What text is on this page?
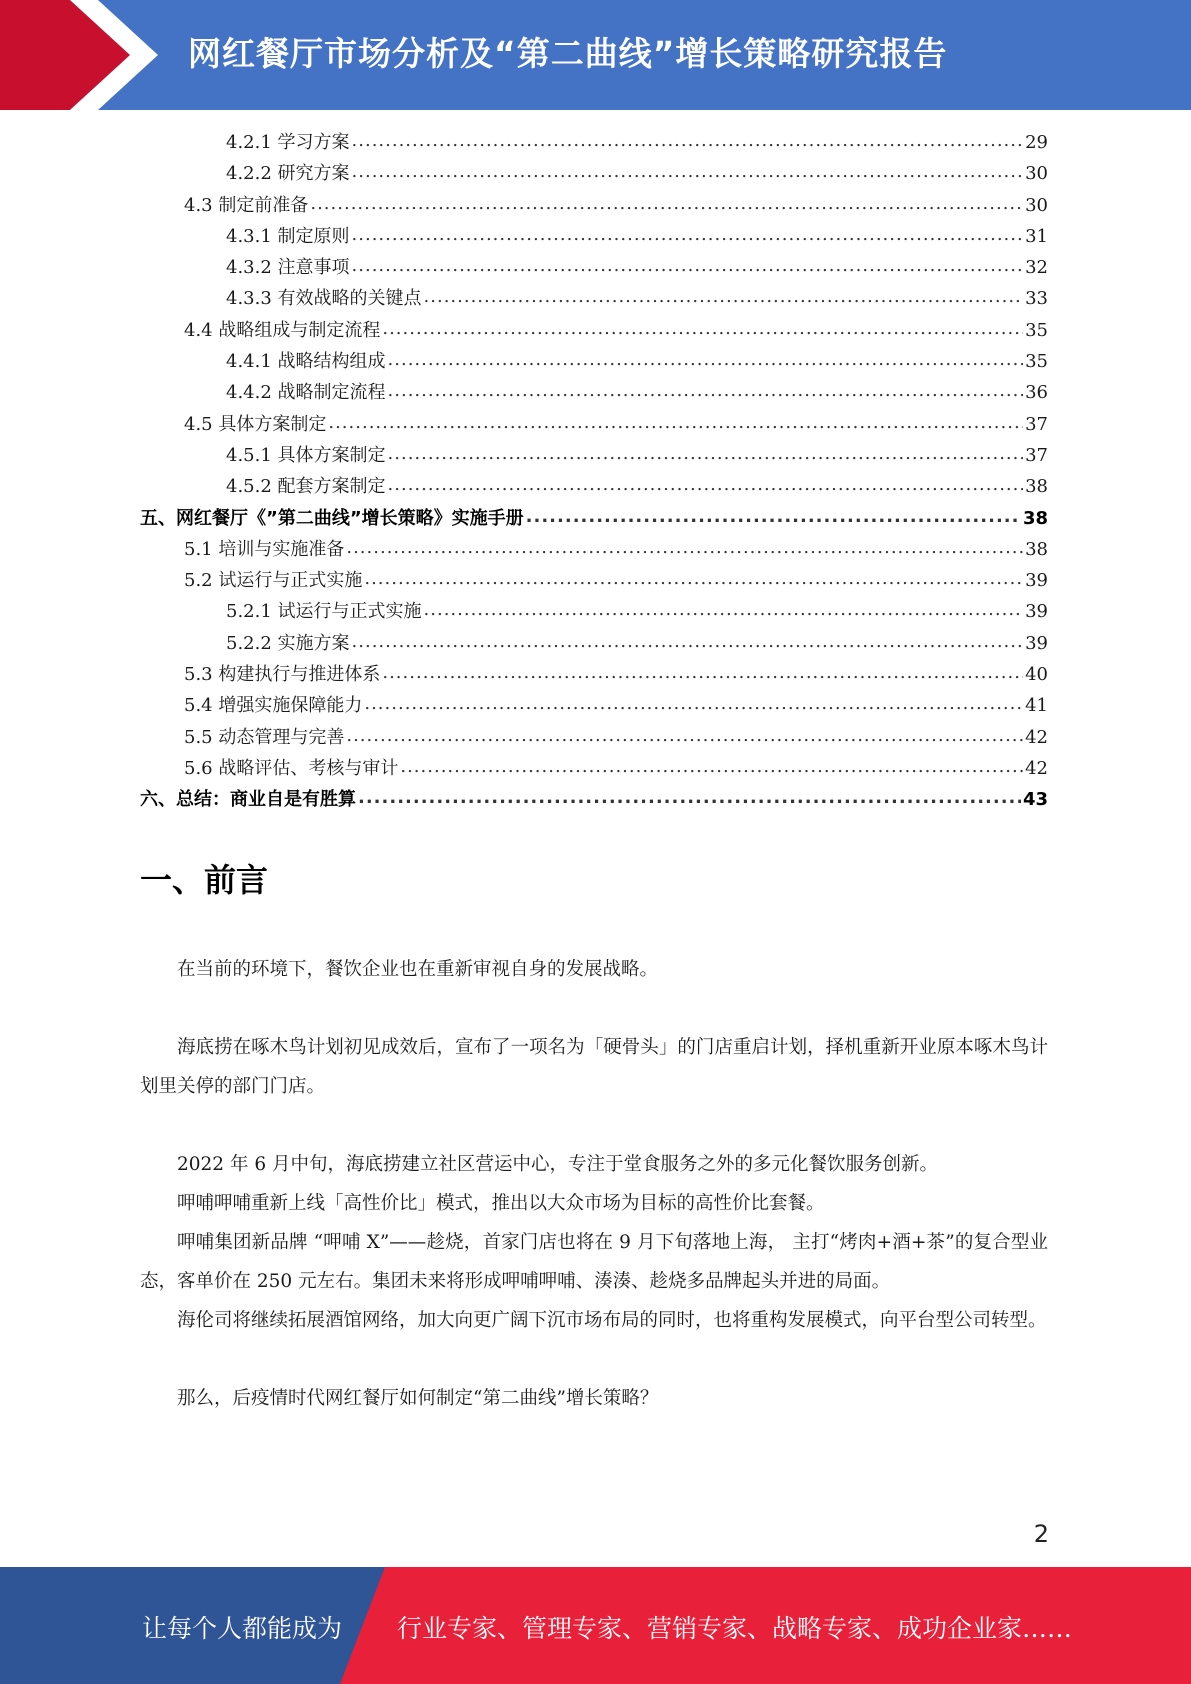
网红餐厅市场分析及“第二曲线”增长策略研究报告
4.2.1 学习方案 .....	29
4.2.2 研究方案 .....	30
4.3 制定前准备 .....	30
4.3.1 制定原则 .....	31
4.3.2 注意事项 .....	32
4.3.3 有效战略的关键点 .....	33
4.4 战略组成与制定流程 .....	35
4.4.1 战略结构组成 .....	35
4.4.2 战略制定流程 .....	36
4.5 具体方案制定 .....	37
4.5.1 具体方案制定 .....	37
4.5.2 配套方案制定 .....	38
五、网红餐厅《”第二曲线”增长策略》实施手册 .....	38
5.1 培训与实施准备 .....	38
5.2 试运行与正式实施 .....	39
5.2.1 试运行与正式实施 .....	39
5.2.2 实施方案 .....	39
5.3 构建执行与推进体系 .....	40
5.4 增强实施保障能力 .....	41
5.5 动态管理与完善 .....	42
5.6 战略评估、考核与审计 .....	42
六、总结：商业自是有胜算 .....	43
一、前言

在当前的环境下，餐饮企业也在重新审视自身的发展战略。

海底捞在啄木鸟计划初见成效后，宣布了一项名为「硬骨头」的门店重启计划，择机重新开业原本啄木鸟计划里关停的部门门店。

2022 年 6 月中旬，海底捞建立社区营运中心，专注于堂食服务之外的多元化餐饮服务创新。

呷哺呷哺重新上线「高性价比」模式，推出以大众市场为目标的高性价比套餐。

呷哺集团新品牌 “呷哺 X”——趁烧，首家门店也将在 9 月下旬落地上海， 主打“烤肉+酒+茶”的复合型业态，客单价在 250 元左右。集团未来将形成呷哺呷哺、湊湊、趁烧多品牌起头并进的局面。

海伦司将继续拓展酒馆网络，加大向更广阔下沉市场布局的同时，也将重构发展模式，向平台型公司转型。

那么，后疫情时代网红餐厅如何制定“第二曲线”增长策略？

2
让每个人都能成为 行业专家、管理专家、营销专家、战略专家、成功企业家……
